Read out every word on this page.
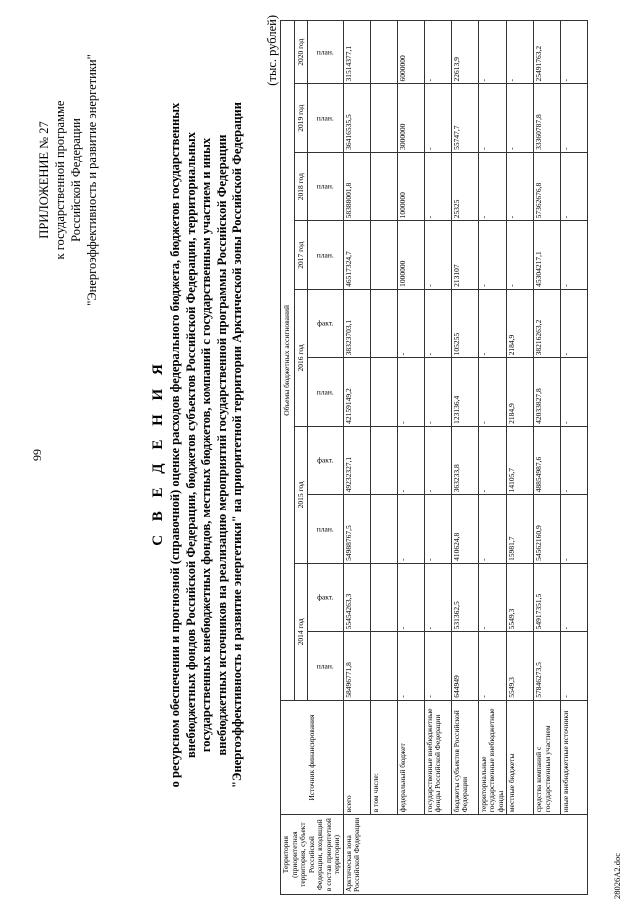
99
ПРИЛОЖЕНИЕ № 27 к государственной программе Российской Федерации "Энергоэффективность и развитие энергетики"
С В Е Д Е Н И Я о ресурсном обеспечении и прогнозной (справочной) оценке расходов федерального бюджета, бюджетов государственных внебюджетных фондов Российской Федерации, бюджетов субъектов Российской Федерации, территориальных государственных внебюджетных фондов, местных бюджетов, компаний с государственным участием и иных внебюджетных источников на реализацию мероприятий государственной программы Российской Федерации "Энергоэффективность и развитие энергетики" на приоритетной территории Арктической зоны Российской Федерации
(тыс. рублей)
Территория (приоритетная территория, субъект Российской Федерации, входящий в состав приоритетной территории)	Источник финансирования	Объемы бюджетных ассигнований									
		2014 год		2015 год		2016 год		2017 год	2018 год	2019 год	2020 год
		план.	факт.	план.	факт.	план.	факт.	план.	план.	план.	план.
Арктическая зона Российской Федерации	всего	58496771,8	55454263,3	54988767,5	49232327,1	42159149,2	38323703,1	46517324,7	58388001,8	36416535,5	31514377,1
	в том числе:										
	федеральный бюджет	-	-	-	-	-	-	1000000	1000000	3000000	6000000
	государственные внебюджетные фонды Российской Федерации	-	-	-	-	-	-	-	-	-	-
	бюджеты субъектов Российской Федерации	644949	531362,5	410624,8	363233,8	123136,4	105255	213107	25325	55747,7	22613,9
	территориальные государственные внебюджетные фонды	-	-	-	-	-	-	-	-	-	-
	местные бюджеты	5549,3	5549,3	15981,7	14105,7	2184,9	2184,9	-	-	-	-
	средства компаний с государственным участием	57846273,5	54917351,5	54562160,9	48854987,6	42033827,8	38216263,2	45304217,1	57362676,8	33360787,8	25491763,2
	иные внебюджетные источники	-	-	-	-	-	-	-	-	-	-
28026А2.doc
